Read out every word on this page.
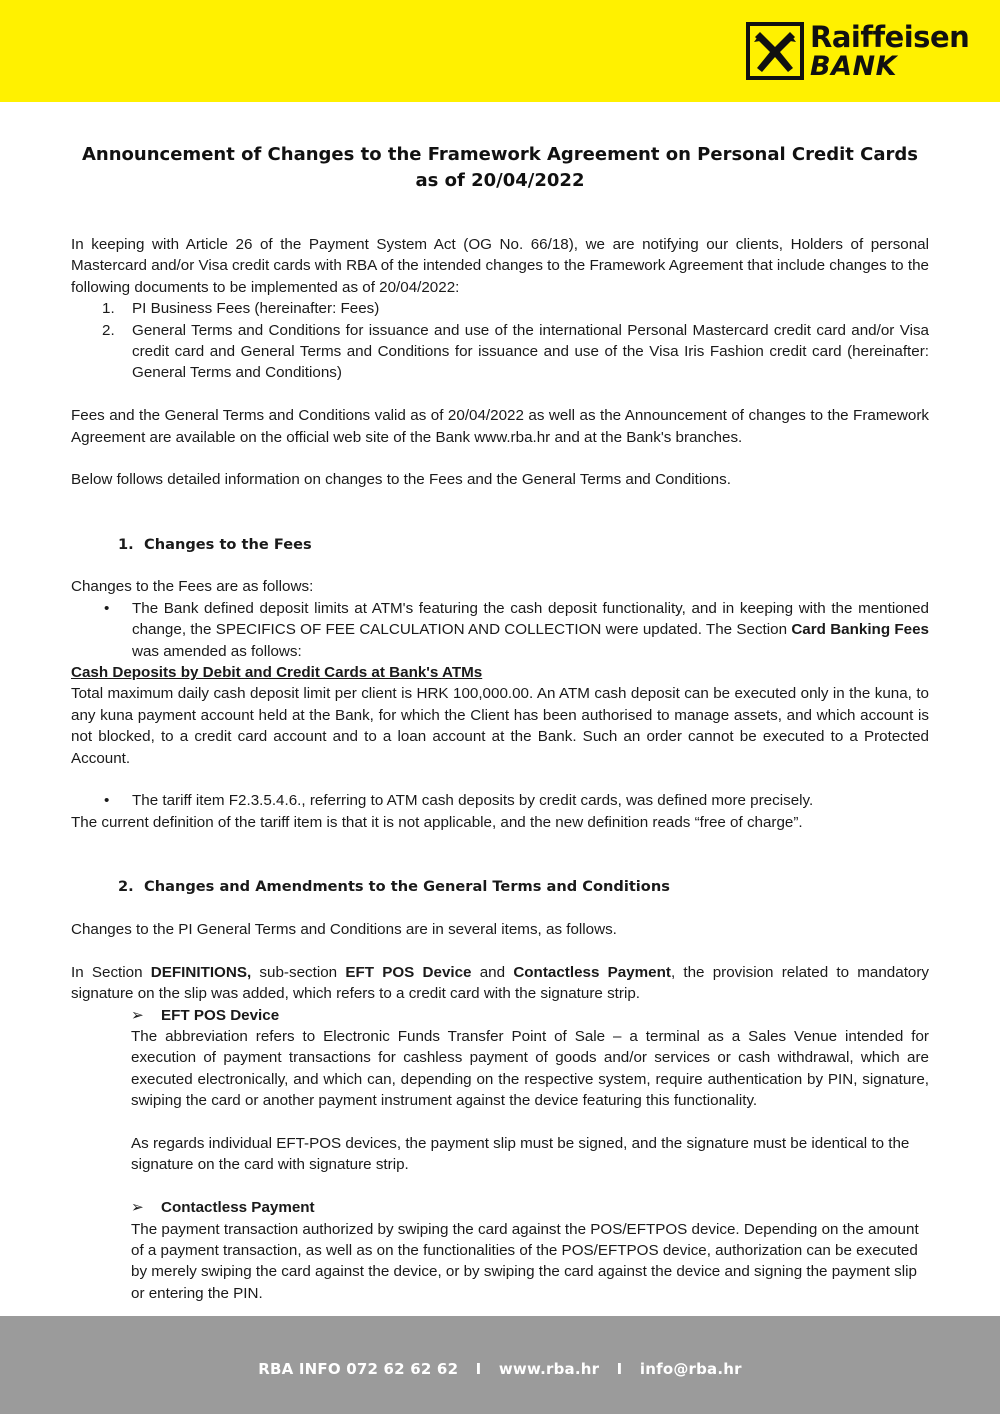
Raiffeisen
BANK
Announcement of Changes to the Framework Agreement on Personal Credit Cards
as of 20/04/2022

In keeping with Article 26 of the Payment System Act (OG No. 66/18), we are notifying our clients, Holders of personal Mastercard and/or Visa credit cards with RBA of the intended changes to the Framework Agreement that include changes to the following documents to be implemented as of 20/04/2022:

1.	PI Business Fees (hereinafter: Fees)
2.	General Terms and Conditions for issuance and use of the international Personal Mastercard credit card and/or Visa credit card and General Terms and Conditions for issuance and use of the Visa Iris Fashion credit card (hereinafter: General Terms and Conditions)

Fees and the General Terms and Conditions valid as of 20/04/2022 as well as the Announcement of changes to the Framework Agreement are available on the official web site of the Bank www.rba.hr and at the Bank's branches.

Below follows detailed information on changes to the Fees and the General Terms and Conditions.

1. Changes to the Fees

Changes to the Fees are as follows:

•	The Bank defined deposit limits at ATM's featuring the cash deposit functionality, and in keeping with the mentioned change, the SPECIFICS OF FEE CALCULATION AND COLLECTION were updated. The Section Card Banking Fees was amended as follows:

Cash Deposits by Debit and Credit Cards at Bank's ATMs

Total maximum daily cash deposit limit per client is HRK 100,000.00. An ATM cash deposit can be executed only in the kuna, to any kuna payment account held at the Bank, for which the Client has been authorised to manage assets, and which account is not blocked, to a credit card account and to a loan account at the Bank. Such an order cannot be executed to a Protected Account.

•	The tariff item F2.3.5.4.6., referring to ATM cash deposits by credit cards, was defined more precisely.

The current definition of the tariff item is that it is not applicable, and the new definition reads “free of charge”.

2. Changes and Amendments to the General Terms and Conditions

Changes to the PI General Terms and Conditions are in several items, as follows.

In Section DEFINITIONS, sub-section EFT POS Device and Contactless Payment, the provision related to mandatory signature on the slip was added, which refers to a credit card with the signature strip.

➢	EFT POS Device

The abbreviation refers to Electronic Funds Transfer Point of Sale – a terminal as a Sales Venue intended for execution of payment transactions for cashless payment of goods and/or services or cash withdrawal, which are executed electronically, and which can, depending on the respective system, require authentication by PIN, signature, swiping the card or another payment instrument against the device featuring this functionality.

As regards individual EFT-POS devices, the payment slip must be signed, and the signature must be identical to the signature on the card with signature strip.

➢	Contactless Payment

The payment transaction authorized by swiping the card against the POS/EFTPOS device. Depending on the amount of a payment transaction, as well as on the functionalities of the POS/EFTPOS device, authorization can be executed by merely swiping the card against the device, or by swiping the card against the device and signing the payment slip or entering the PIN.

RBA INFO 072 62 62 62 I www.rba.hr I info@rba.hr
